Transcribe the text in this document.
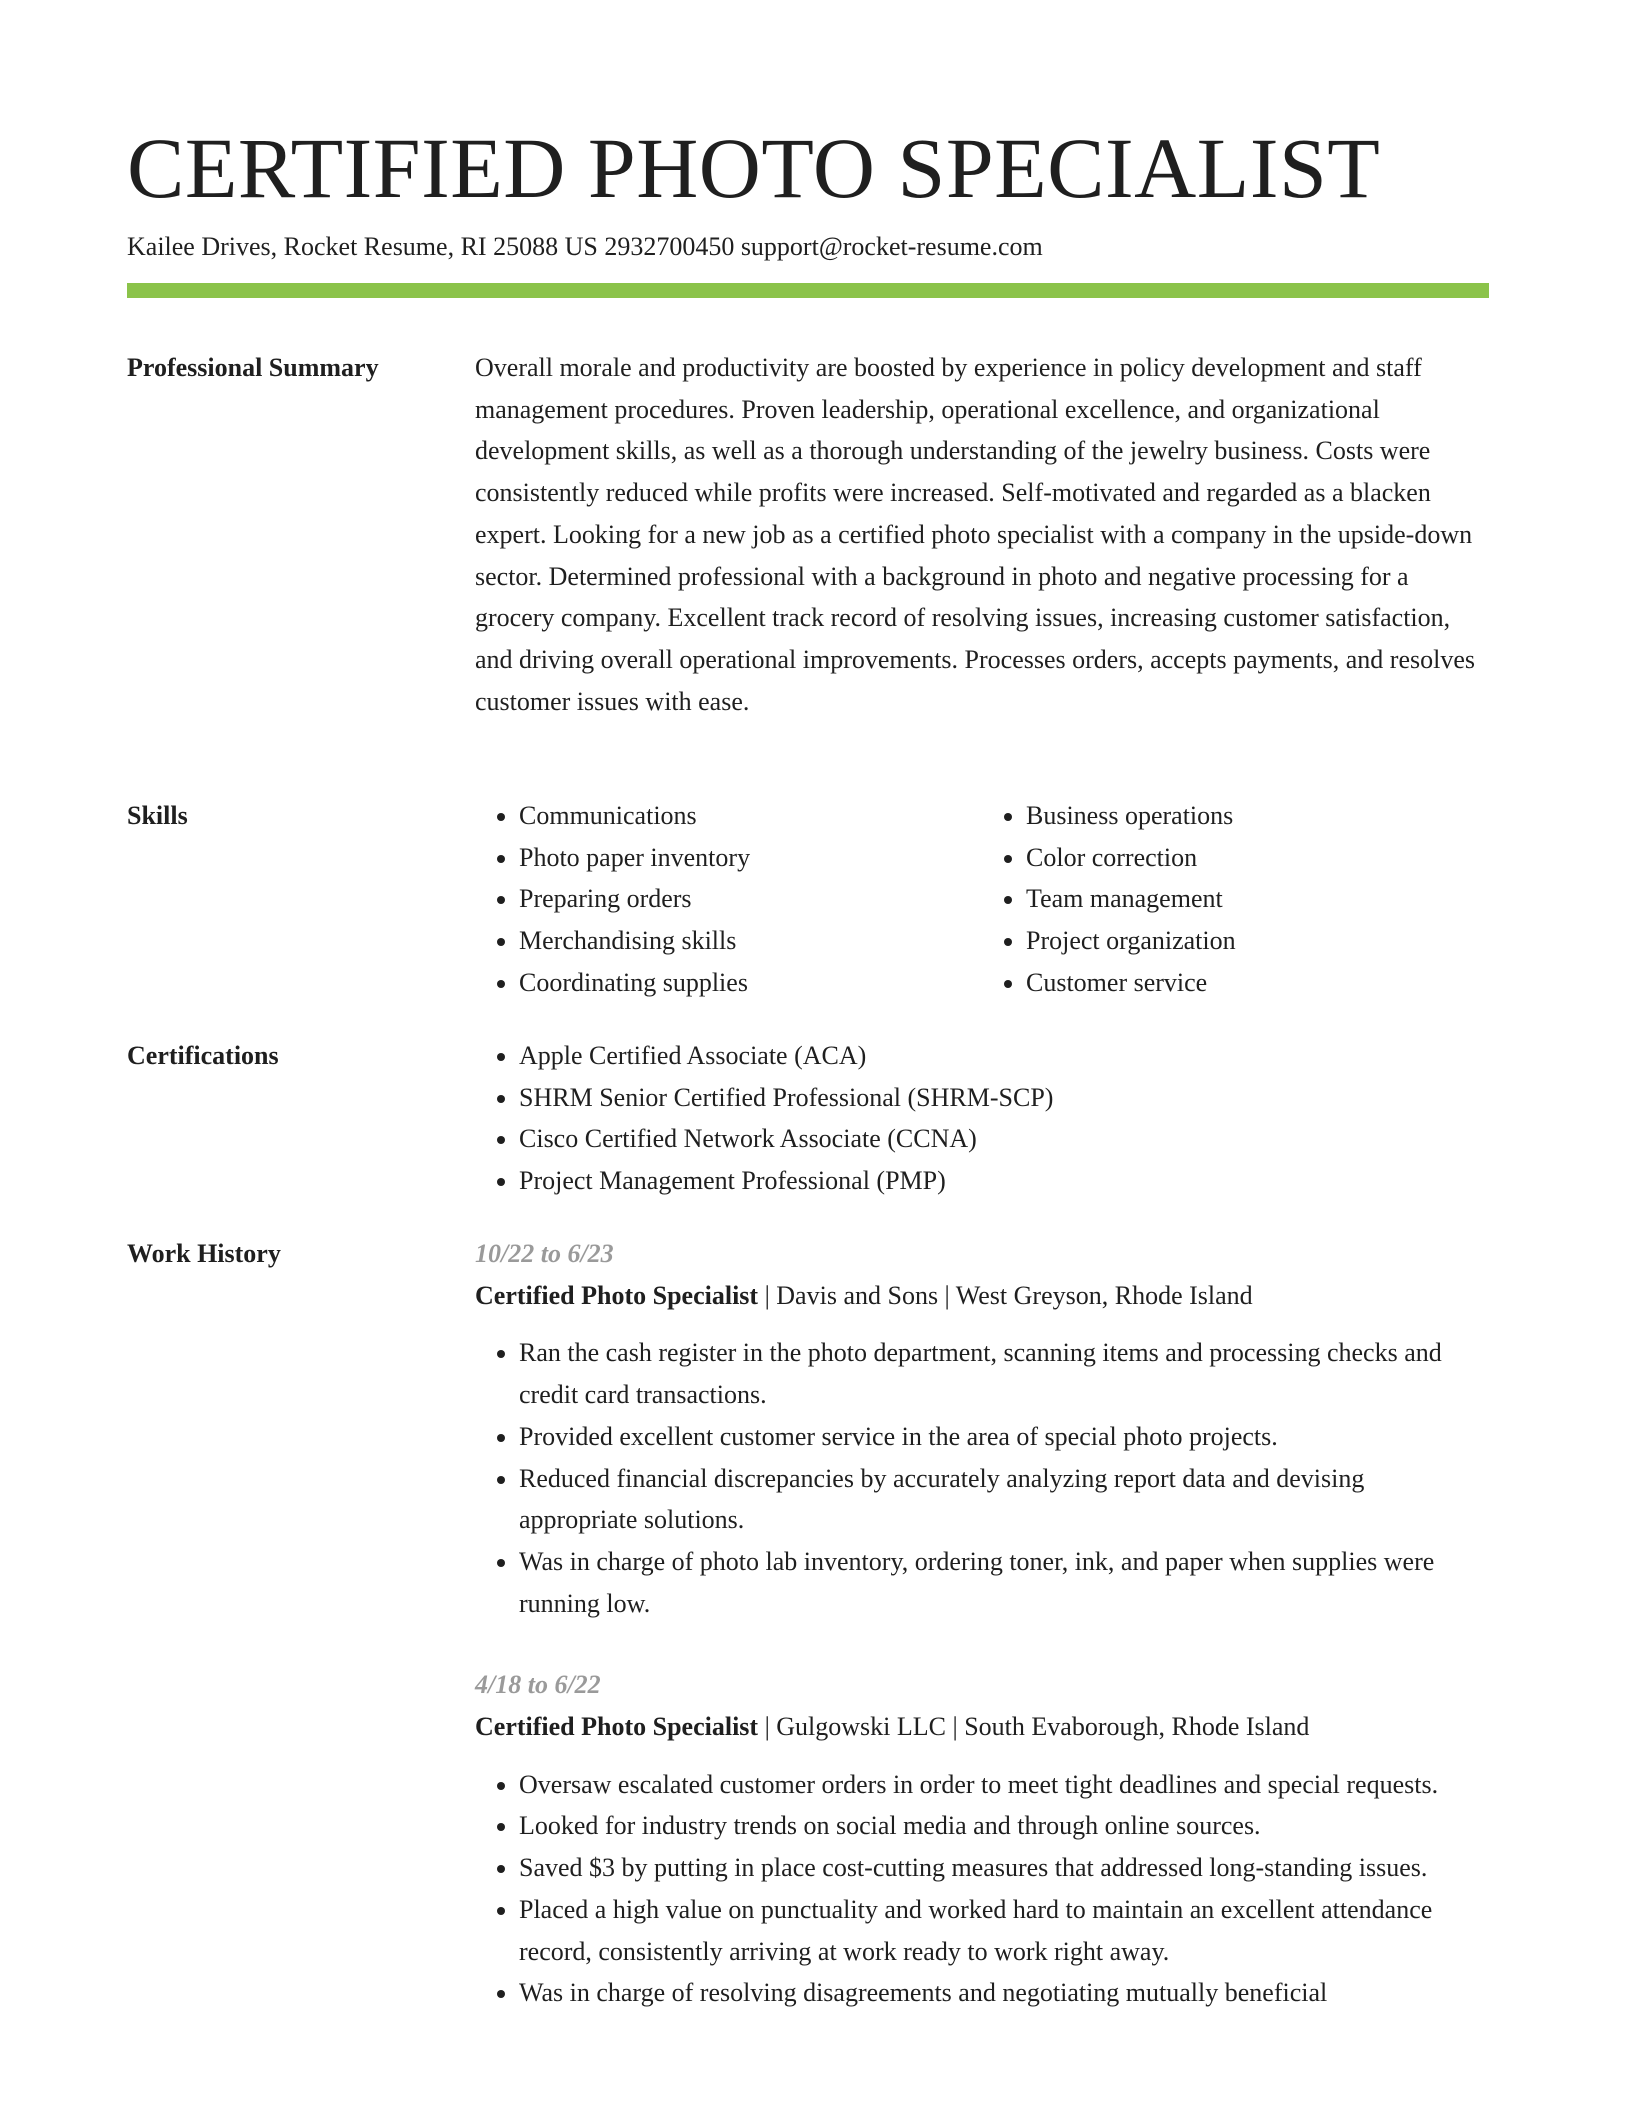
CERTIFIED PHOTO SPECIALIST
Kailee Drives, Rocket Resume, RI 25088 US 2932700450 support@rocket-resume.com
Professional Summary	Overall morale and productivity are boosted by experience in policy development and staff management procedures. Proven leadership, operational excellence, and organizational development skills, as well as a thorough understanding of the jewelry business. Costs were consistently reduced while profits were increased. Self-motivated and regarded as a blacken expert. Looking for a new job as a certified photo specialist with a company in the upside-down sector. Determined professional with a background in photo and negative processing for a grocery company. Excellent track record of resolving issues, increasing customer satisfaction, and driving overall operational improvements. Processes orders, accepts payments, and resolves customer issues with ease.

Skills	• Communications
• Photo paper inventory
• Preparing orders
• Merchandising skills
• Coordinating supplies
• Business operations
• Color correction
• Team management
• Project organization
• Customer service
Certifications	• Apple Certified Associate (ACA)
• SHRM Senior Certified Professional (SHRM-SCP)
• Cisco Certified Network Associate (CCNA)
• Project Management Professional (PMP)
Work History	10/22 to 6/23
Certified Photo Specialist | Davis and Sons | West Greyson, Rhode Island
• Ran the cash register in the photo department, scanning items and processing checks and credit card transactions.
• Provided excellent customer service in the area of special photo projects.
• Reduced financial discrepancies by accurately analyzing report data and devising appropriate solutions.
• Was in charge of photo lab inventory, ordering toner, ink, and paper when supplies were running low.
4/18 to 6/22
Certified Photo Specialist | Gulgowski LLC | South Evaborough, Rhode Island
• Oversaw escalated customer orders in order to meet tight deadlines and special requests.
• Looked for industry trends on social media and through online sources.
• Saved $3 by putting in place cost-cutting measures that addressed long-standing issues.
• Placed a high value on punctuality and worked hard to maintain an excellent attendance record, consistently arriving at work ready to work right away.
• Was in charge of resolving disagreements and negotiating mutually beneficial
